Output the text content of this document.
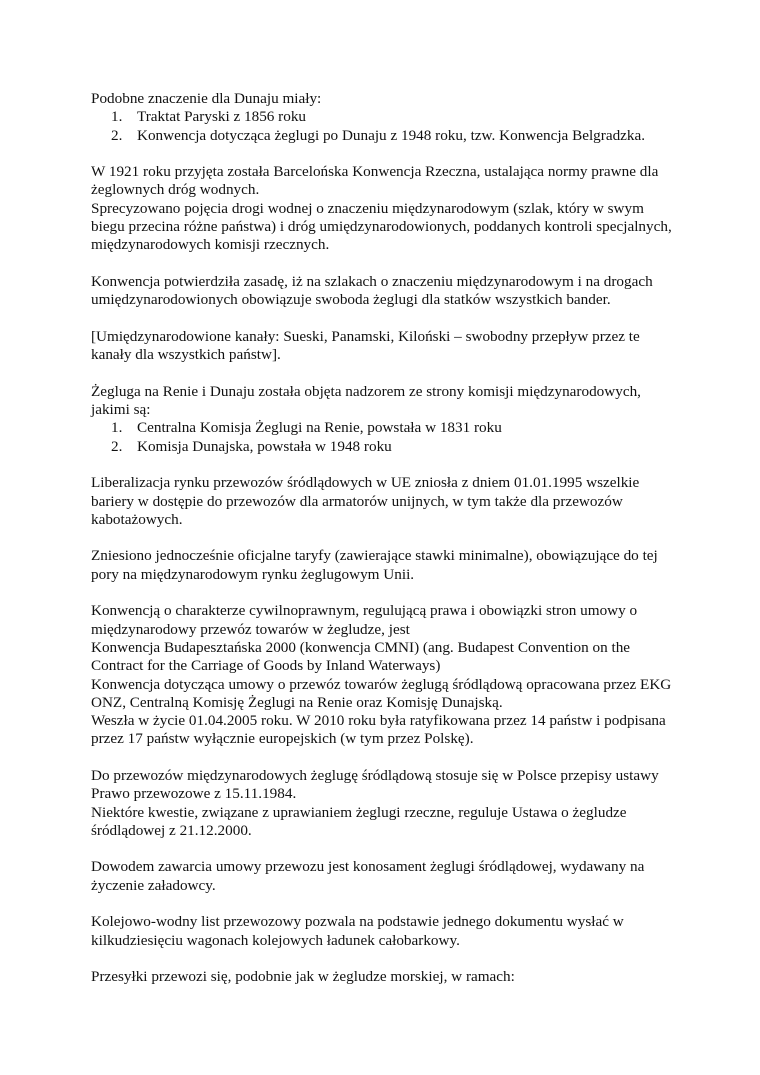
Podobne znaczenie dla Dunaju miały:

1. Traktat Paryski z 1856 roku
2. Konwencja dotycząca żeglugi po Dunaju z 1948 roku, tzw. Konwencja Belgradzka.

W 1921 roku przyjęta została Barcelońska Konwencja Rzeczna, ustalająca normy prawne dla żeglownych dróg wodnych.

Sprecyzowano pojęcia drogi wodnej o znaczeniu międzynarodowym (szlak, który w swym biegu przecina różne państwa) i dróg umiędzynarodowionych, poddanych kontroli specjalnych, międzynarodowych komisji rzecznych.

Konwencja potwierdziła zasadę, iż na szlakach o znaczeniu międzynarodowym i na drogach umiędzynarodowionych obowiązuje swoboda żeglugi dla statków wszystkich bander.

[Umiędzynarodowione kanały: Sueski, Panamski, Kiloński – swobodny przepływ przez te kanały dla wszystkich państw].

Żegluga na Renie i Dunaju została objęta nadzorem ze strony komisji międzynarodowych, jakimi są:

1. Centralna Komisja Żeglugi na Renie, powstała w 1831 roku
2. Komisja Dunajska, powstała w 1948 roku

Liberalizacja rynku przewozów śródlądowych w UE zniosła z dniem 01.01.1995 wszelkie bariery w dostępie do przewozów dla armatorów unijnych, w tym także dla przewozów kabotażowych.

Zniesiono jednocześnie oficjalne taryfy (zawierające stawki minimalne), obowiązujące do tej pory na międzynarodowym rynku żeglugowym Unii.

Konwencją o charakterze cywilnoprawnym, regulującą prawa i obowiązki stron umowy o międzynarodowy przewóz towarów w żegludze, jest

Konwencja Budapesztańska 2000 (konwencja CMNI) (ang. Budapest Convention on the Contract for the Carriage of Goods by Inland Waterways)

Konwencja dotycząca umowy o przewóz towarów żeglugą śródlądową opracowana przez EKG ONZ, Centralną Komisję Żeglugi na Renie oraz Komisję Dunajską.

Weszła w życie 01.04.2005 roku. W 2010 roku była ratyfikowana przez 14 państw i podpisana przez 17 państw wyłącznie europejskich (w tym przez Polskę).

Do przewozów międzynarodowych żeglugę śródlądową stosuje się w Polsce przepisy ustawy Prawo przewozowe z 15.11.1984.

Niektóre kwestie, związane z uprawianiem żeglugi rzeczne, reguluje Ustawa o żegludze śródlądowej z 21.12.2000.

Dowodem zawarcia umowy przewozu jest konosament żeglugi śródlądowej, wydawany na życzenie załadowcy.

Kolejowo-wodny list przewozowy pozwala na podstawie jednego dokumentu wysłać w kilkudziesięciu wagonach kolejowych ładunek całobarkowy.

Przesyłki przewozi się, podobnie jak w żegludze morskiej, w ramach:
